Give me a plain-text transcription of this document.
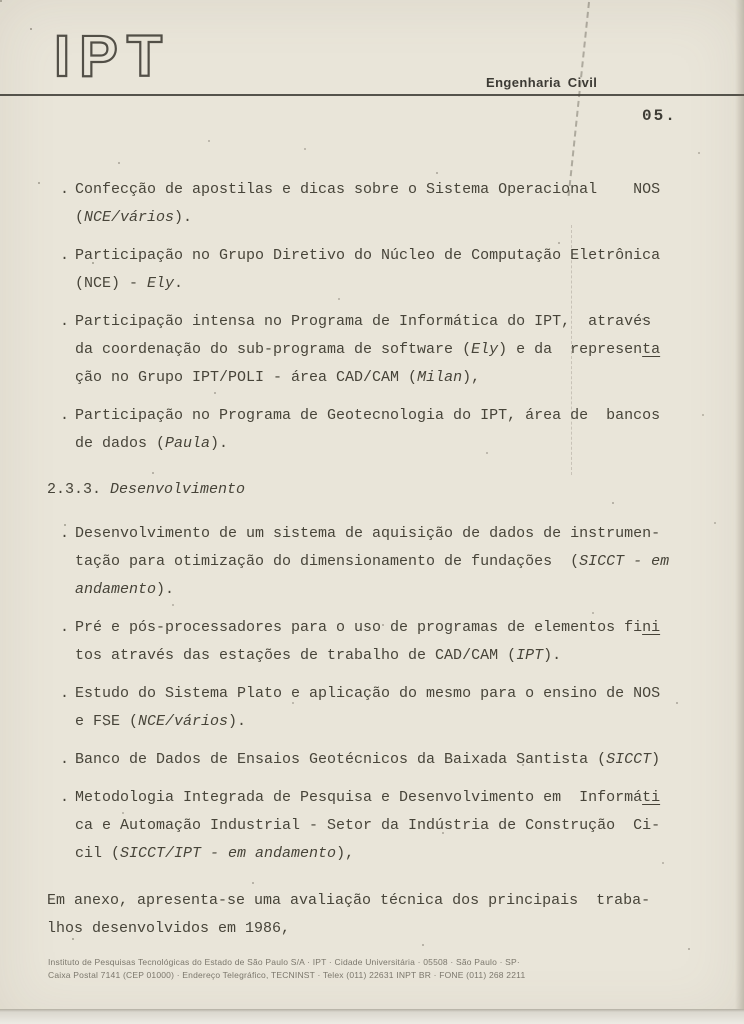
IPT	Engenharia Civil
05.
. Confecção de apostilas e dicas sobre o Sistema Operacional    NOS
(NCE/vários).
. Participação no Grupo Diretivo do Núcleo de Computação Eletrônica
(NCE) - Ely.
. Participação intensa no Programa de Informática do IPT,  através
da coordenação do sub-programa de software (Ely) e da  representa
ção no Grupo IPT/POLI - área CAD/CAM (Milan),
. Participação no Programa de Geotecnologia do IPT, área de  bancos
de dados (Paula).
2.3.3. Desenvolvimento
. Desenvolvimento de um sistema de aquisição de dados de instrumen-
tação para otimização do dimensionamento de fundações  (SICCT - em
andamento).
. Pré e pós-processadores para o uso de programas de elementos fini
tos através das estações de trabalho de CAD/CAM (IPT).
. Estudo do Sistema Plato e aplicação do mesmo para o ensino de NOS
e FSE (NCE/vários).
. Banco de Dados de Ensaios Geotécnicos da Baixada Santista (SICCT)
. Metodologia Integrada de Pesquisa e Desenvolvimento em  Informáti
ca e Automação Industrial - Setor da Indústria de Construção  Ci-
cil (SICCT/IPT - em andamento),
Em anexo, apresenta-se uma avaliação técnica dos principais  traba-
lhos desenvolvidos em 1986,
Instituto de Pesquisas Tecnológicas do Estado de São Paulo S/A · IPT · Cidade Universitária · 05508 · São Paulo · SP·
Caixa Postal 7141 (CEP 01000) · Endereço Telegráfico, TECNINST · Telex (011) 22631 INPT BR · FONE (011) 268 2211
